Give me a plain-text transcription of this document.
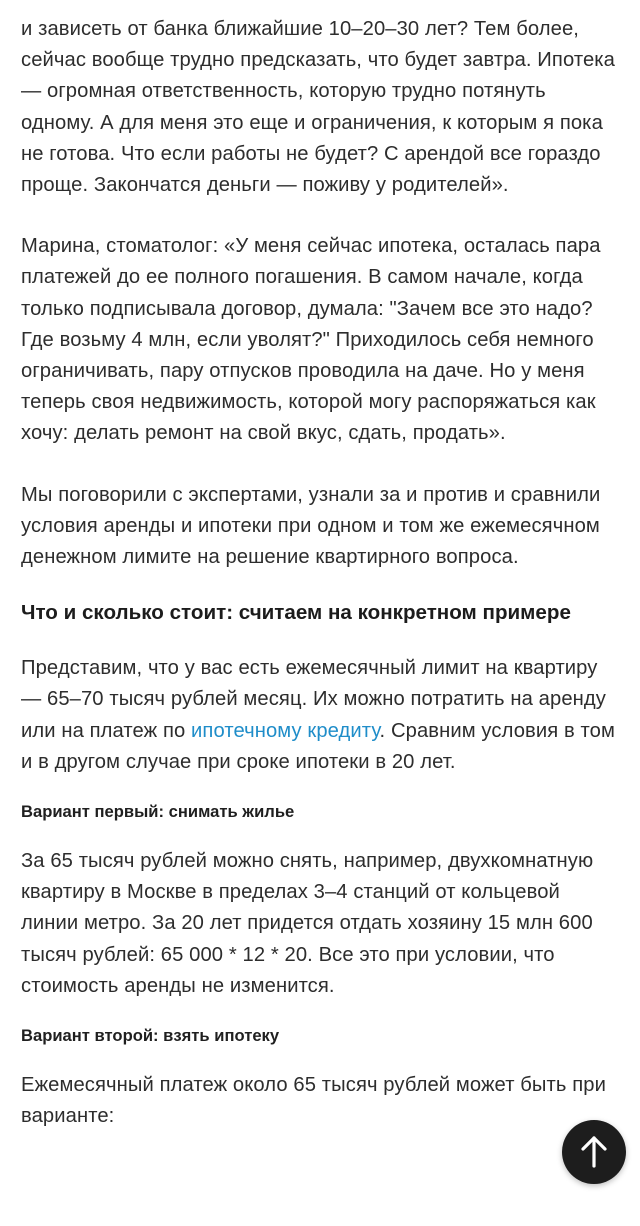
и зависеть от банка ближайшие 10–20–30 лет? Тем более, сейчас вообще трудно предсказать, что будет завтра. Ипотека — огромная ответственность, которую трудно потянуть одному. А для меня это еще и ограничения, к которым я пока не готова. Что если работы не будет? С арендой все гораздо проще. Закончатся деньги — поживу у родителей».

Марина, стоматолог: «У меня сейчас ипотека, осталась пара платежей до ее полного погашения. В самом начале, когда только подписывала договор, думала: "Зачем все это надо? Где возьму 4 млн, если уволят?" Приходилось себя немного ограничивать, пару отпусков проводила на даче. Но у меня теперь своя недвижимость, которой могу распоряжаться как хочу: делать ремонт на свой вкус, сдать, продать».

Мы поговорили с экспертами, узнали за и против и сравнили условия аренды и ипотеки при одном и том же ежемесячном денежном лимите на решение квартирного вопроса.

Что и сколько стоит: считаем на конкретном примере

Представим, что у вас есть ежемесячный лимит на квартиру — 65–70 тысяч рублей месяц. Их можно потратить на аренду или на платеж по ипотечному кредиту. Сравним условия в том и в другом случае при сроке ипотеки в 20 лет.

Вариант первый: снимать жилье

За 65 тысяч рублей можно снять, например, двухкомнатную квартиру в Москве в пределах 3–4 станций от кольцевой линии метро. За 20 лет придется отдать хозяину 15 млн 600 тысяч рублей: 65 000 * 12 * 20. Все это при условии, что стоимость аренды не изменится.

Вариант второй: взять ипотеку

Ежемесячный платеж около 65 тысяч рублей может быть при варианте:
